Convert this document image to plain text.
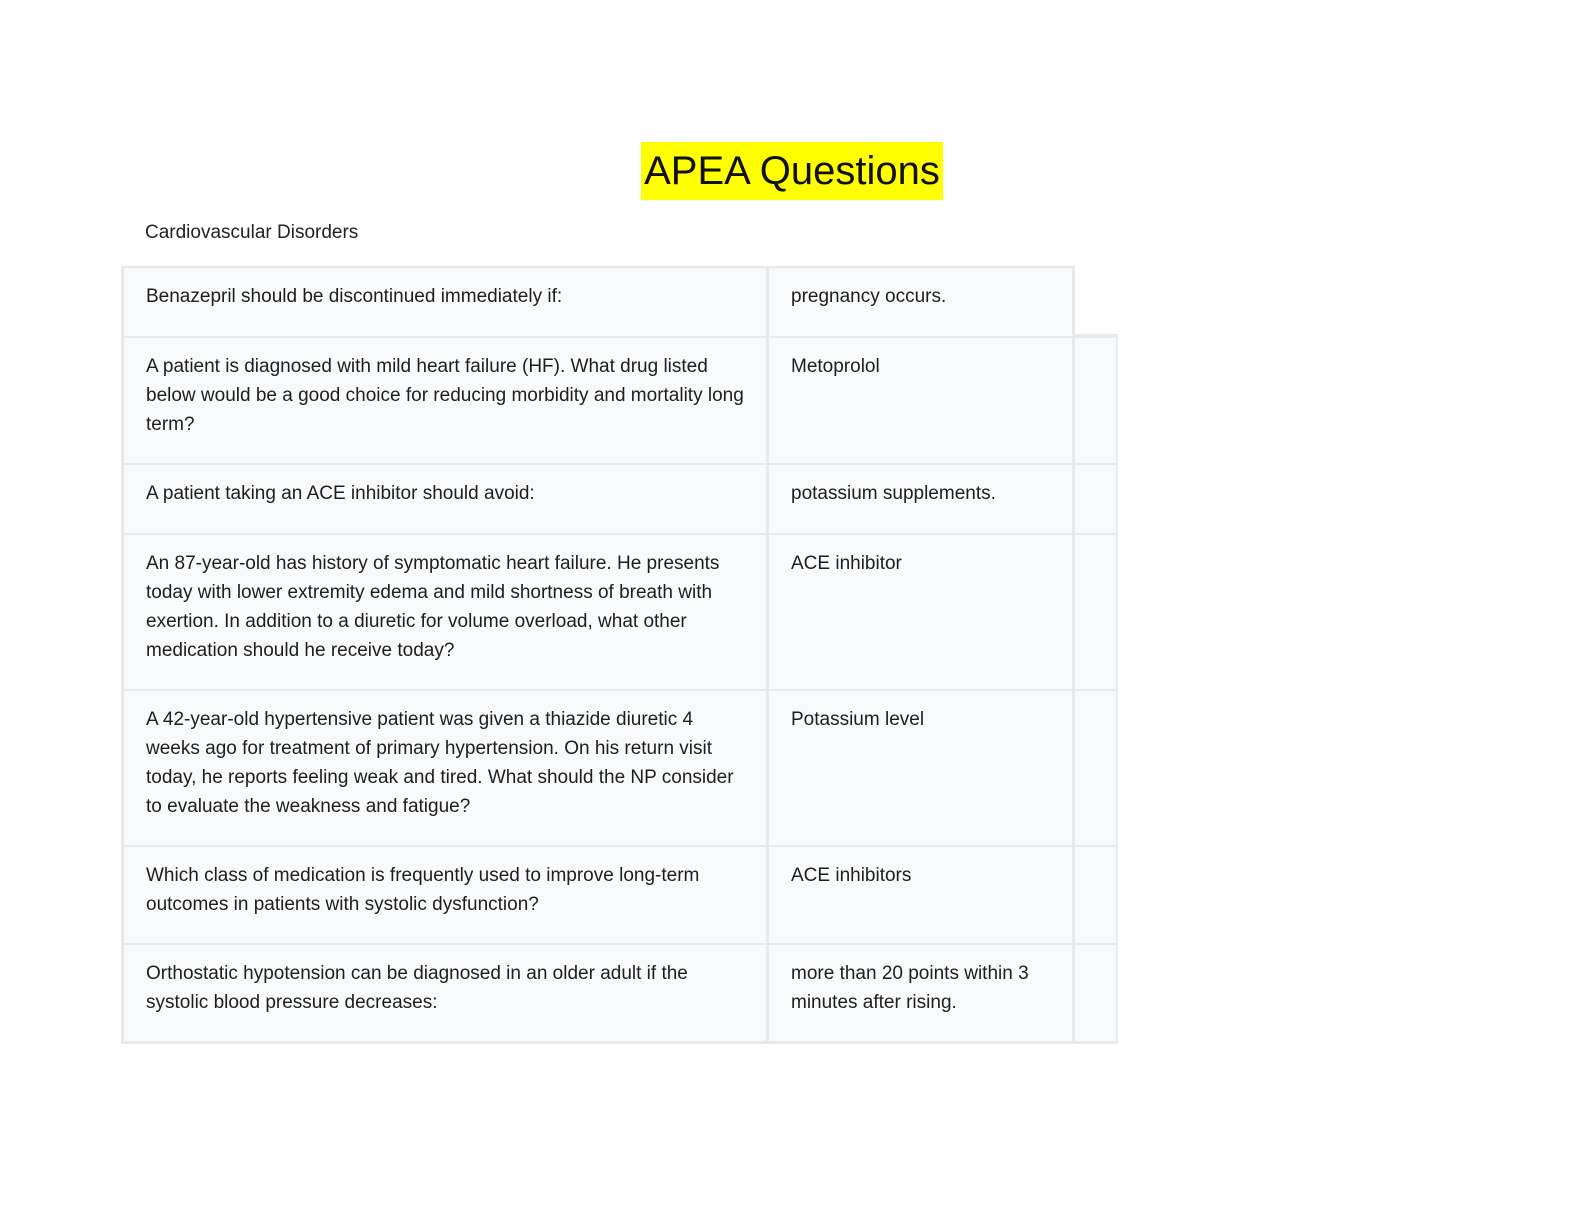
APEA Questions
Cardiovascular Disorders
Benazepril should be discontinued immediately if:	pregnancy occurs.
A patient is diagnosed with mild heart failure (HF). What drug listed below would be a good choice for reducing morbidity and mortality long term?
Metoprolol
A patient taking an ACE inhibitor should avoid:	potassium supplements.
An 87-year-old has history of symptomatic heart failure. He presents today with lower extremity edema and mild shortness of breath with exertion. In addition to a diuretic for volume overload, what other medication should he receive today?
ACE inhibitor
A 42-year-old hypertensive patient was given a thiazide diuretic 4 weeks ago for treatment of primary hypertension. On his return visit today, he reports feeling weak and tired. What should the NP consider to evaluate the weakness and fatigue?
Potassium level
Which class of medication is frequently used to improve long-term outcomes in patients with systolic dysfunction?
ACE inhibitors
Orthostatic hypotension can be diagnosed in an older adult if the systolic blood pressure decreases:
more than 20 points within 3 minutes after rising.
